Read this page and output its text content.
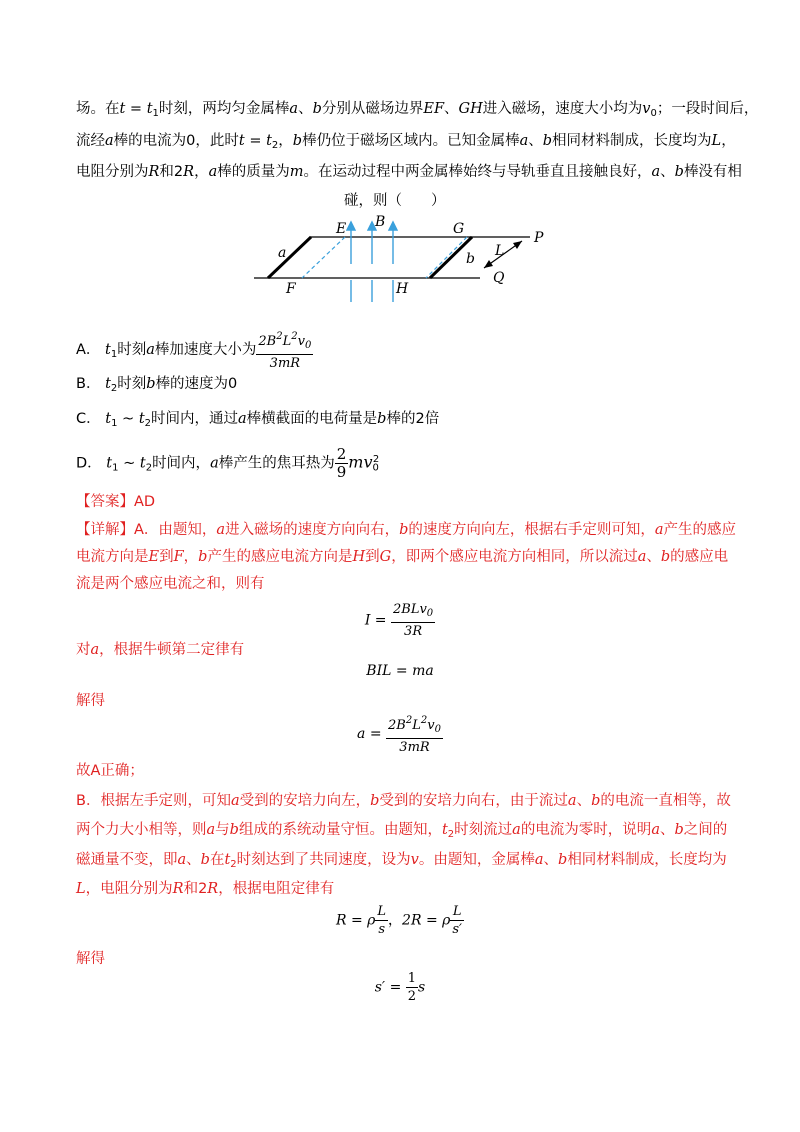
场。在$t = t_1$时刻，两均匀金属棒a、b分别从磁场边界EF、GH进入磁场，速度大小均为$v_0$；一段时间后，
流经a棒的电流为0，此时$t = t_2$，b棒仍位于磁场区域内。已知金属棒a、b相同材料制成，长度均为L，
电阻分别为R和2R，a棒的质量为m。在运动过程中两金属棒始终与导轨垂直且接触良好，a、b棒没有相
碰，则（　　）
E B	G
P
a	b L
Q
F	H
A． $t_1$时刻a棒加速度大小为 $\frac{2B^2L^2v_0}{3mR}$
B． $t_2$时刻b棒的速度为0
C． $t_1$ ~ $t_2$时间内，通过a棒横截面的电荷量是b棒的2倍
D． $t_1$ ~ $t_2$时间内，a棒产生的焦耳热为 $\frac{2}{9} mv_0^2$
【答案】AD
【详解】A．由题知，a进入磁场的速度方向向右，b的速度方向向左，根据右手定则可知，a产生的感应
电流方向是E到F，b产生的感应电流方向是H到G，即两个感应电流方向相同，所以流过a、b的感应电
流是两个感应电流之和，则有
$I = \frac{2BLv_0}{3R}$
对a，根据牛顿第二定律有
BIL = ma
解得
$a = \frac{2B^2L^2v_0}{3mR}$
故A正确；
B．根据左手定则，可知a受到的安培力向左，b受到的安培力向右，由于流过a、b的电流一直相等，故
两个力大小相等，则a与b组成的系统动量守恒。由题知，$t_2$时刻流过a的电流为零时，说明a、b之间的
磁通量不变，即a、b在$t_2$时刻达到了共同速度，设为v。由题知，金属棒a、b相同材料制成，长度均为
L，电阻分别为R和2R，根据电阻定律有
R = ρ $\frac{L}{s}$ ，2R = ρ $\frac{L}{s'}$
解得
$s' = \frac{1}{2}$ s
